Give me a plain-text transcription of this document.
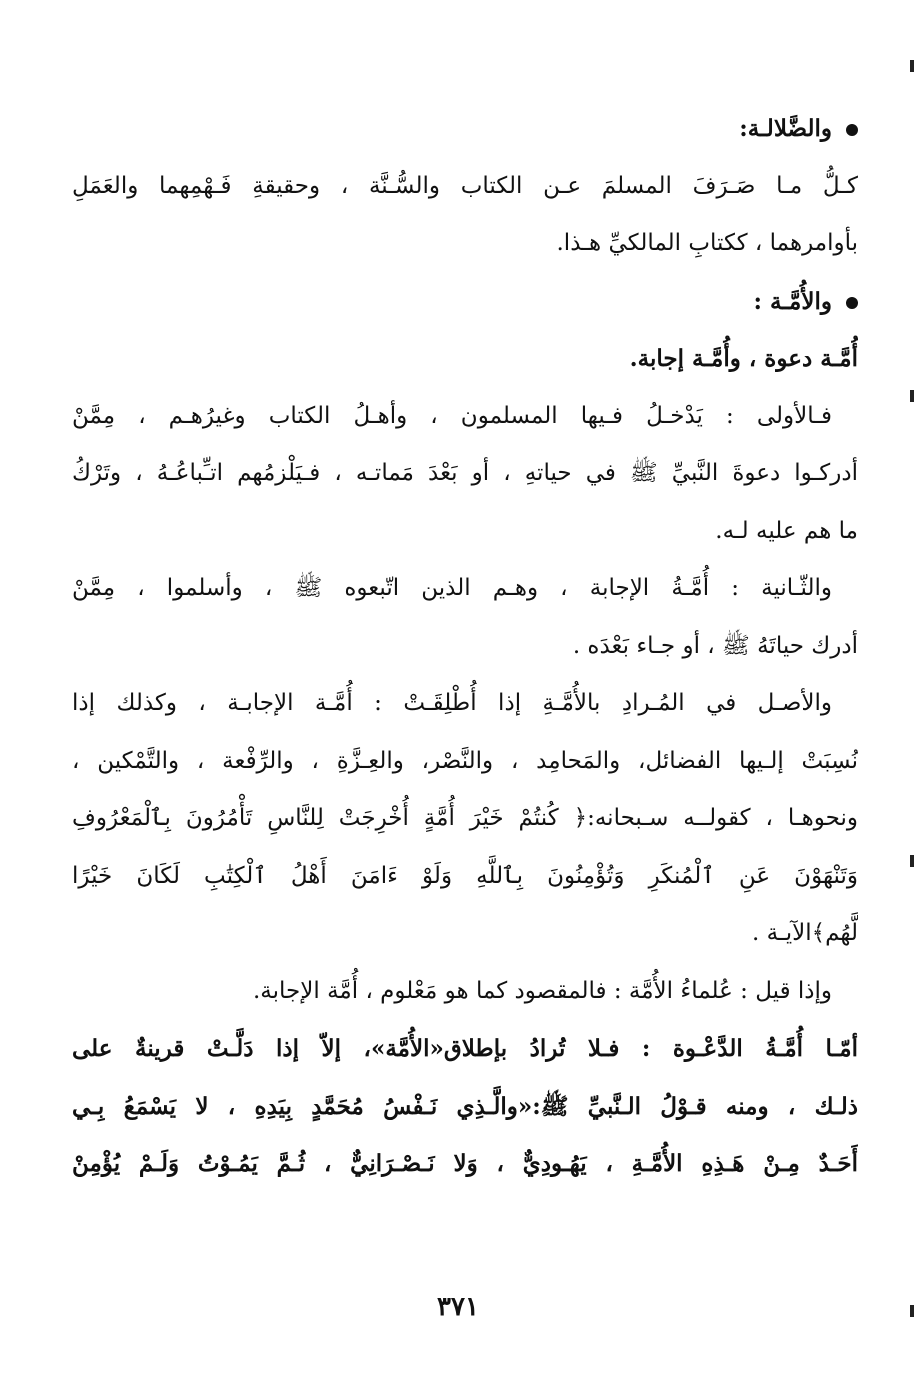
والضَّلالـة:
كـلُّ مـا صَـرَفَ المسلمَ عـن الكتاب والسُّـنَّة ، وحقيقةِ فَـهْمِهما والعَمَلِ
بأوامرهما ، ككتابِ المالكيِّ هـذا.
والأُمَّـة :
أُمَّـة دعوة ، وأُمَّـة إجابة.
فـالأولى : يَدْخـلُ فـيها المسلمون ، وأهـلُ الكتاب وغيرُهـم ، مِمَّنْ
أدركـوا دعوةَ النَّبيِّ ﷺ في حياتهِ ، أو بَعْدَ مَماتـه ، فـيَلْزمُهم اتـِّباعُـهُ ، وتَرْكُ
ما هم عليه لـه.
والثّـانية : أُمَّـةُ الإجابة ، وهـم الذين اتّبعوه ﷺ ، وأسلموا ، مِمَّنْ
أدرك حياتَهُ ﷺ ، أو جـاء بَعْدَه .
والأصـل في المُـرادِ بالأُمَّـةِ إذا أُطْلِقَـتْ : أُمَّـة الإجابـة ، وكذلك إذا
نُسِبَتْ إلـيها الفضائل، والمَحامِد ، والنَّصْر، والعِـزَّةِ ، والرِّفْعة ، والتَّمْكين ،
ونحوهـا ، كقولــه سـبحانه:﴿ كُنتُمْ خَيْرَ أُمَّةٍ أُخْرِجَتْ لِلنَّاسِ تَأْمُرُونَ بِٱلْمَعْرُوفِ
وَتَنْهَوْنَ عَنِ ٱلْمُنكَرِ وَتُؤْمِنُونَ بِٱللَّهِ وَلَوْ ءَامَنَ أَهْلُ ٱلْكِتَٰبِ لَكَانَ خَيْرًا
لَّهُم﴾الآيـة .
وإذا قيل : عُلماءُ الأُمَّة : فالمقصود كما هو مَعْلوم ، أُمَّة الإجابة.
أمّـا أُمَّـةُ الدَّعْـوة : فـلا تُرادُ بإطلاق«الأُمَّة»، إلاّ إذا دَلَّـتْ قرينةٌ على
ذلـك ، ومنه قـوْلُ الـنَّبيِّ ﷺ:«والَّـذِي نَـفْسُ مُحَمَّدٍ بِيَدِهِ ، لا يَسْمَعُ بِـي
أَحَـدٌ مِـنْ هَـذِهِ الأُمَّـةِ ، يَهُـودِيٌّ ، وَلا نَـصْـرَانِيٌّ ، ثُـمَّ يَمُـوْتُ وَلَـمْ يُؤْمِنْ
٣٧١
